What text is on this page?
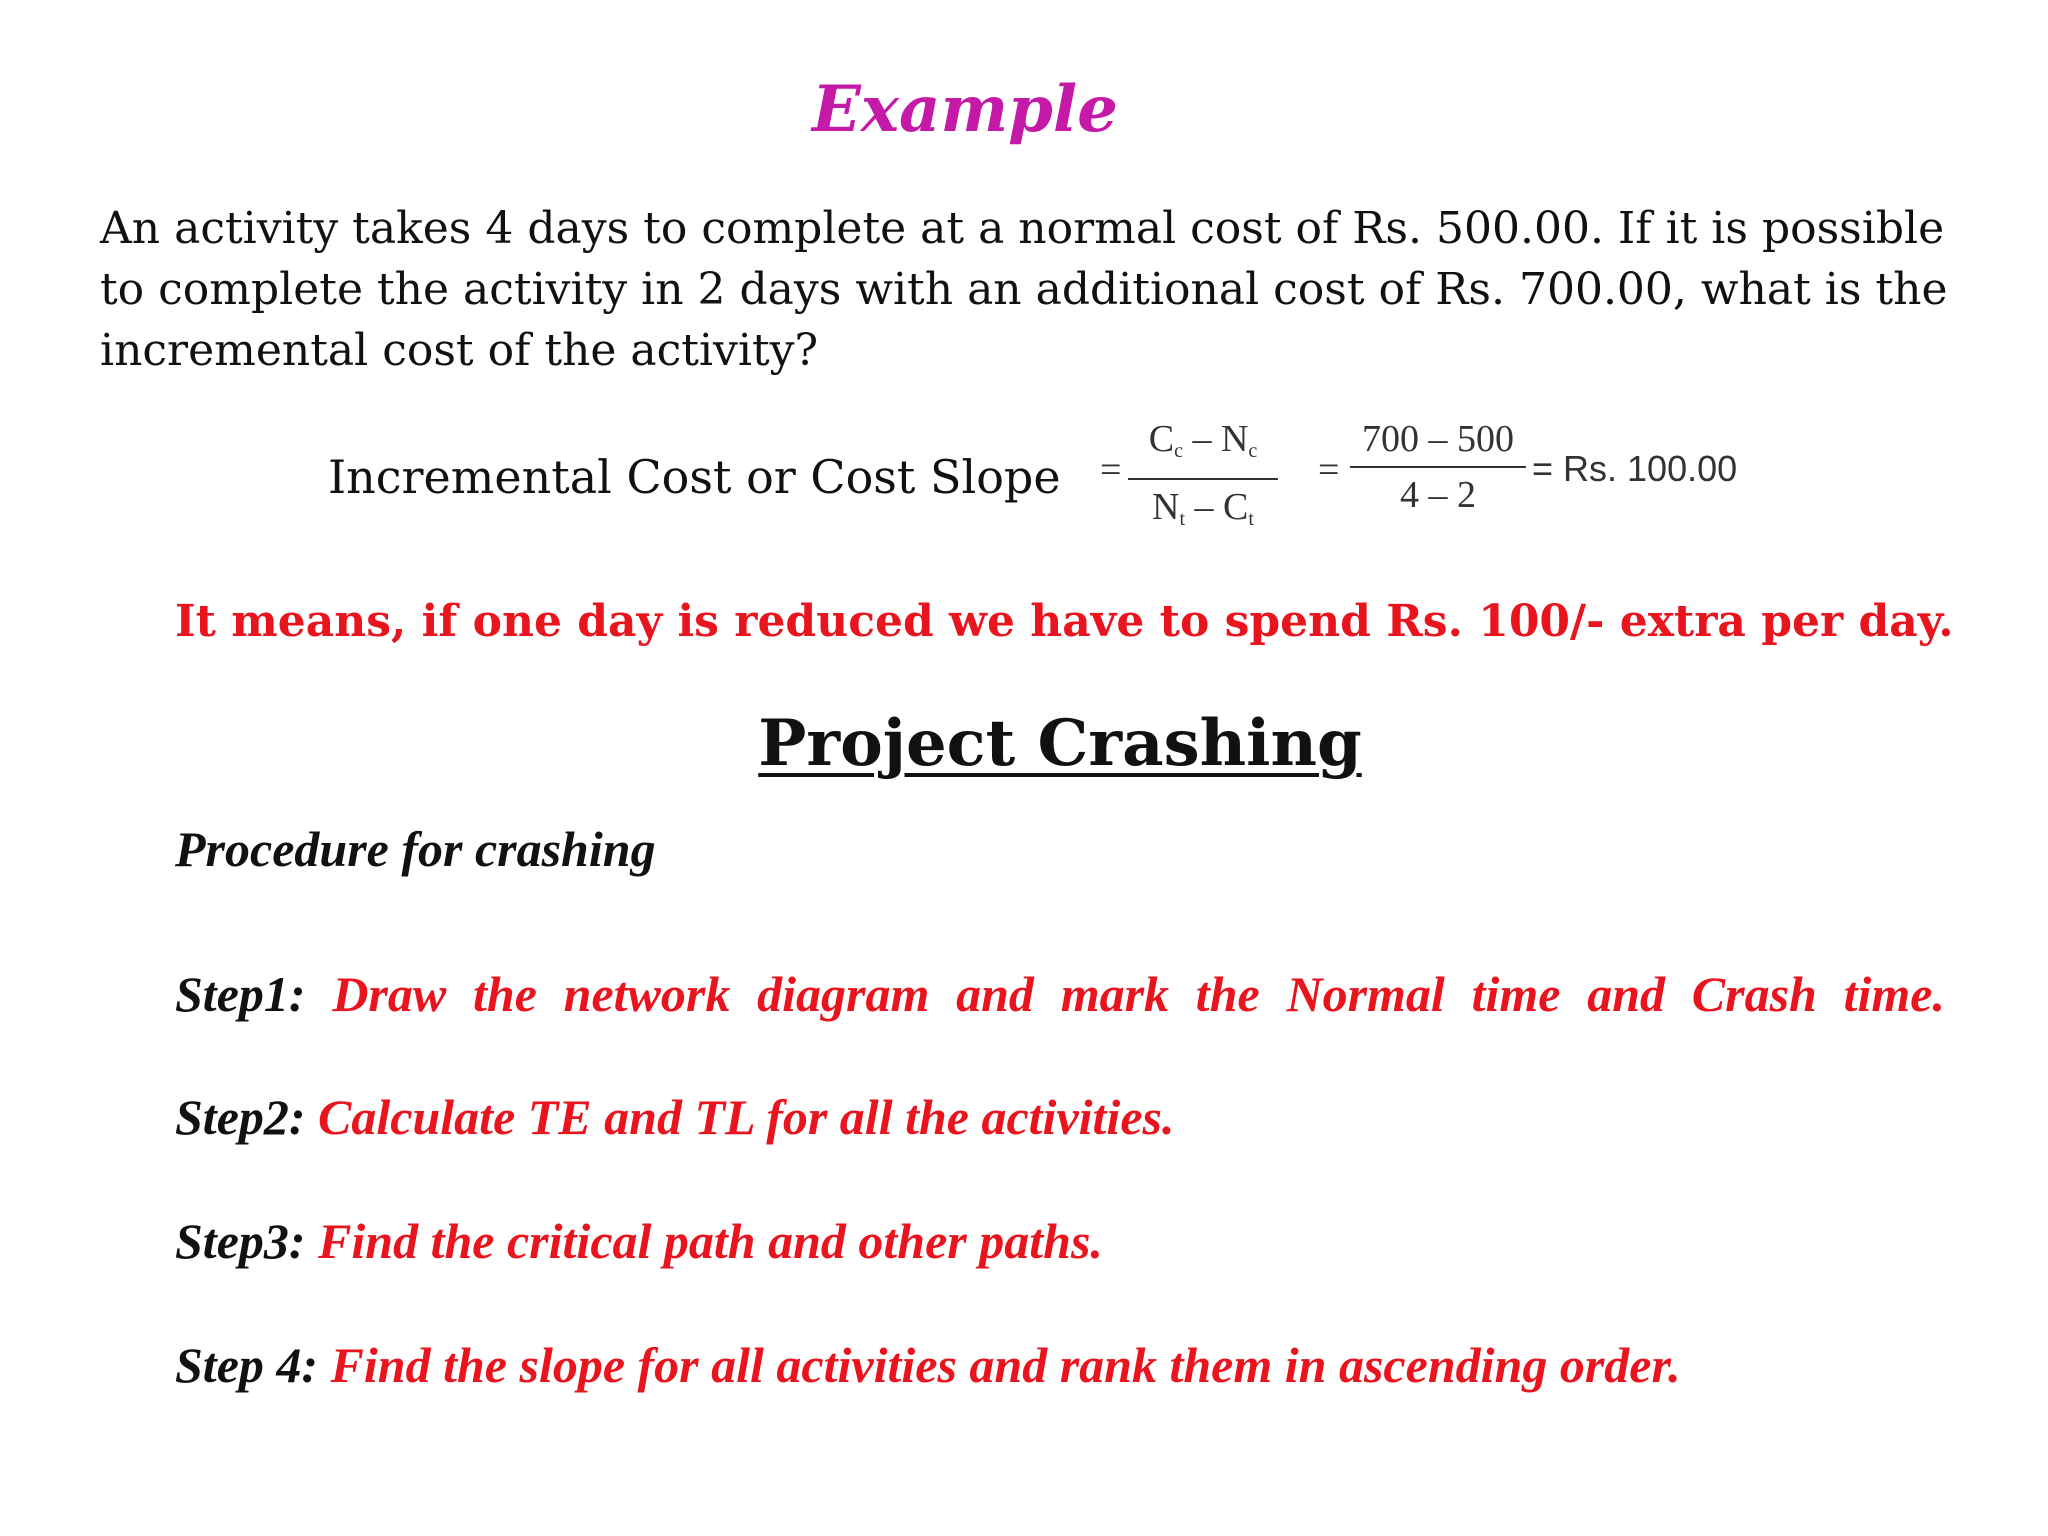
Example
An activity takes 4 days to complete at a normal cost of Rs. 500.00. If it is possible to complete the activity in 2 days with an additional cost of Rs. 700.00, what is the incremental cost of the activity?
Incremental Cost or Cost Slope =
$C_c - N_c$
$N_t - C_t$
=
700 – 500
4 – 2
= Rs. 100.00
It means, if one day is reduced we have to spend Rs. 100/- extra per day.
Project Crashing
Procedure for crashing
Step1: Draw the network diagram and mark the Normal time and Crash time.
Step2: Calculate TE and TL for all the activities.
Step3: Find the critical path and other paths.
Step 4: Find the slope for all activities and rank them in ascending order.
